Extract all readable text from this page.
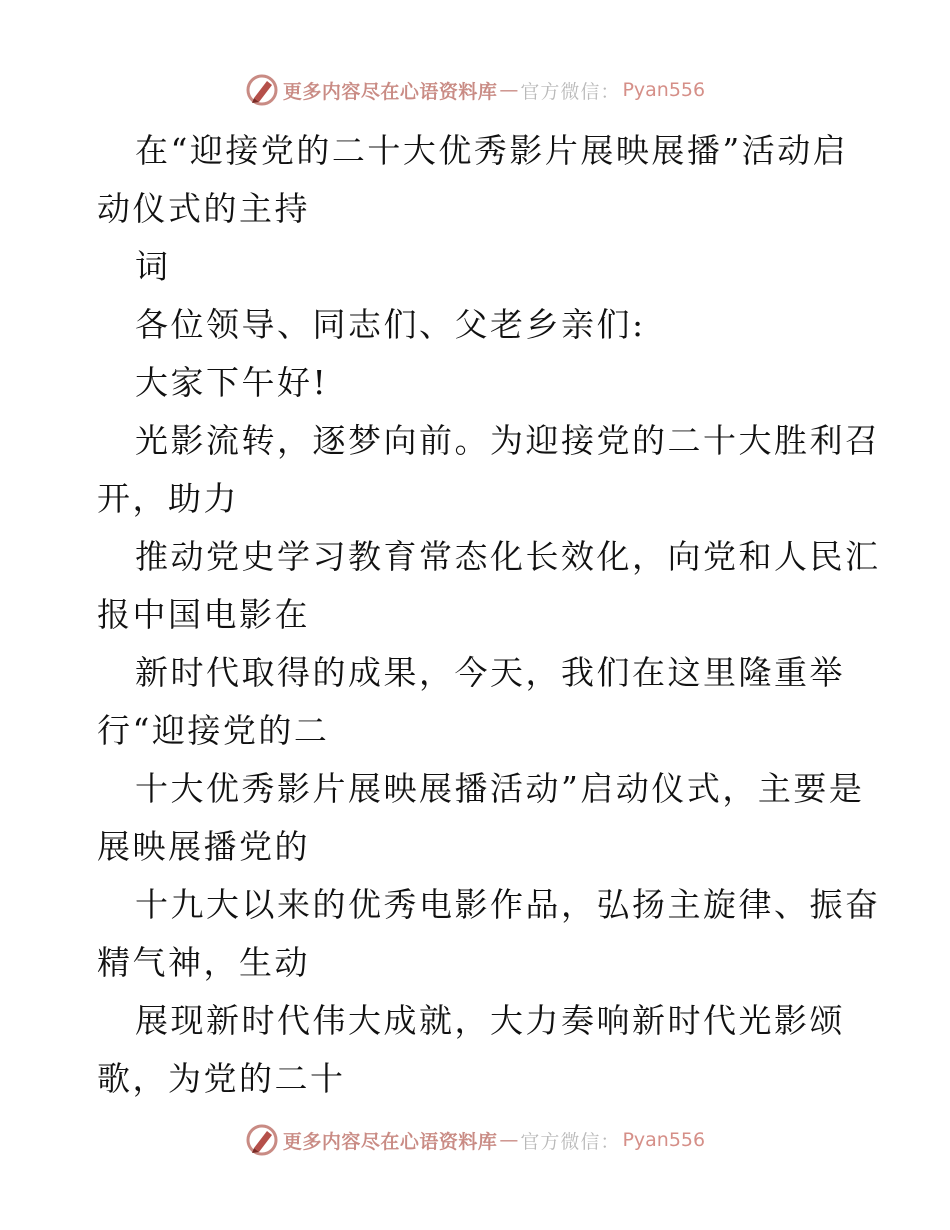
更多内容尽在心语资料库 — 官方微信： Pyan556
在“迎接党的二十大优秀影片展映展播”活动启
动仪式的主持
词
各位领导、同志们、父老乡亲们:
大家下午好!
光影流转，逐梦向前。为迎接党的二十大胜利召
开，助力
推动党史学习教育常态化长效化，向党和人民汇
报中国电影在
新时代取得的成果，今天，我们在这里隆重举
行“迎接党的二
十大优秀影片展映展播活动”启动仪式，主要是
展映展播党的
十九大以来的优秀电影作品，弘扬主旋律、振奋
精气神，生动
展现新时代伟大成就，大力奏响新时代光影颂
歌，为党的二十
更多内容尽在心语资料库 — 官方微信： Pyan556
